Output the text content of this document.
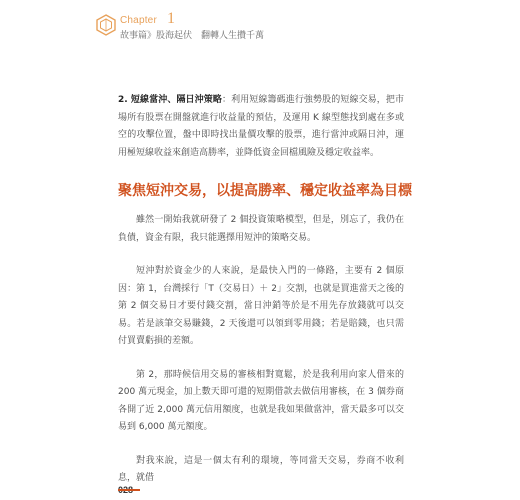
Chapter 1
故事篇》股海起伏　翻轉人生攢千萬

2. 短線當沖、隔日沖策略：利用短線籌碼進行強勢股的短線交易，把市場所有股票在開盤就進行收益量的預估，及運用 K 線型態找到處在多或空的攻擊位置，盤中即時找出量價攻擊的股票，進行當沖或隔日沖，運用極短線收益來創造高勝率，並降低資金回檔風險及穩定收益率。

聚焦短沖交易，以提高勝率、穩定收益率為目標

雖然一開始我就研發了 2 個投資策略模型，但是，別忘了，我仍在負債，資金有限，我只能選擇用短沖的策略交易。

短沖對於資金少的人來說，是最快入門的一條路，主要有 2 個原因：第 1，台灣採行「T（交易日）＋ 2」交割，也就是買進當天之後的第 2 個交易日才要付錢交割，當日沖銷等於是不用先存放錢就可以交易。若是該筆交易賺錢，2 天後還可以領到零用錢；若是賠錢，也只需付買賣虧損的差額。

第 2，那時候信用交易的審核相對寬鬆，於是我利用向家人借來的 200 萬元現金，加上數天即可還的短期借款去做信用審核，在 3 個券商各開了近 2,000 萬元信用額度，也就是我如果做當沖，當天最多可以交易到 6,000 萬元額度。

對我來說，這是一個太有利的環境，等同當天交易，券商不收利息，就借
